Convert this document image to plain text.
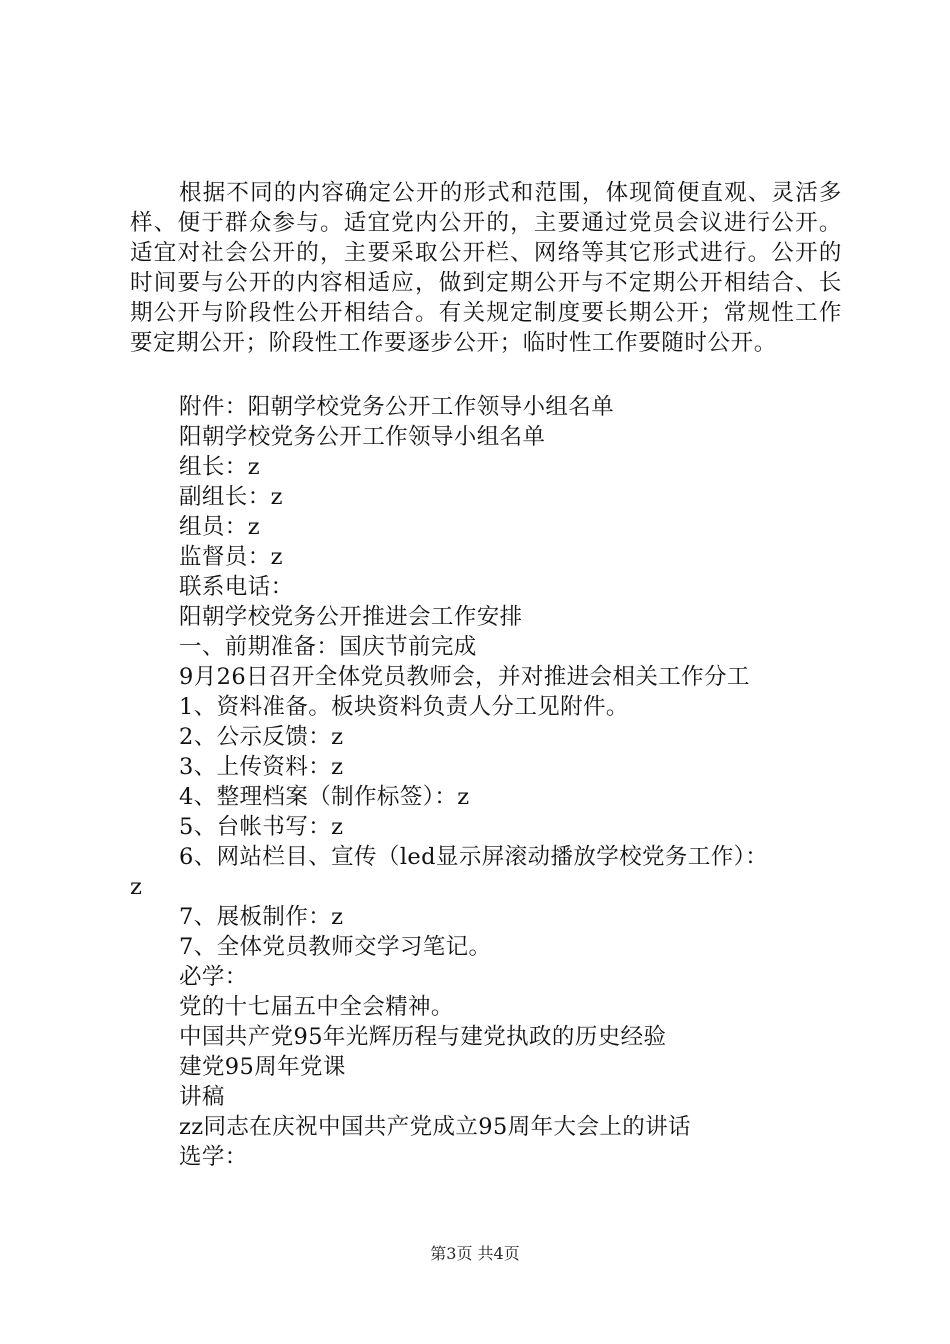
根据不同的内容确定公开的形式和范围，体现简便直观、灵活多样、便于群众参与。适宜党内公开的，主要通过党员会议进行公开。适宜对社会公开的，主要采取公开栏、网络等其它形式进行。公开的时间要与公开的内容相适应，做到定期公开与不定期公开相结合、长期公开与阶段性公开相结合。有关规定制度要长期公开；常规性工作要定期公开；阶段性工作要逐步公开；临时性工作要随时公开。

附件：阳朝学校党务公开工作领导小组名单

阳朝学校党务公开工作领导小组名单

组长：z

副组长：z

组员：z

监督员：z

联系电话：

阳朝学校党务公开推进会工作安排

一、前期准备：国庆节前完成

9月26日召开全体党员教师会，并对推进会相关工作分工

1、资料准备。板块资料负责人分工见附件。

2、公示反馈：z

3、上传资料：z

4、整理档案（制作标签）：z

5、台帐书写：z

6、网站栏目、宣传（led显示屏滚动播放学校党务工作）：

z

7、展板制作：z

7、全体党员教师交学习笔记。

必学：

党的十七届五中全会精神。

中国共产党95年光辉历程与建党执政的历史经验

建党95周年党课

讲稿

zz同志在庆祝中国共产党成立95周年大会上的讲话

选学：

第3页 共4页
